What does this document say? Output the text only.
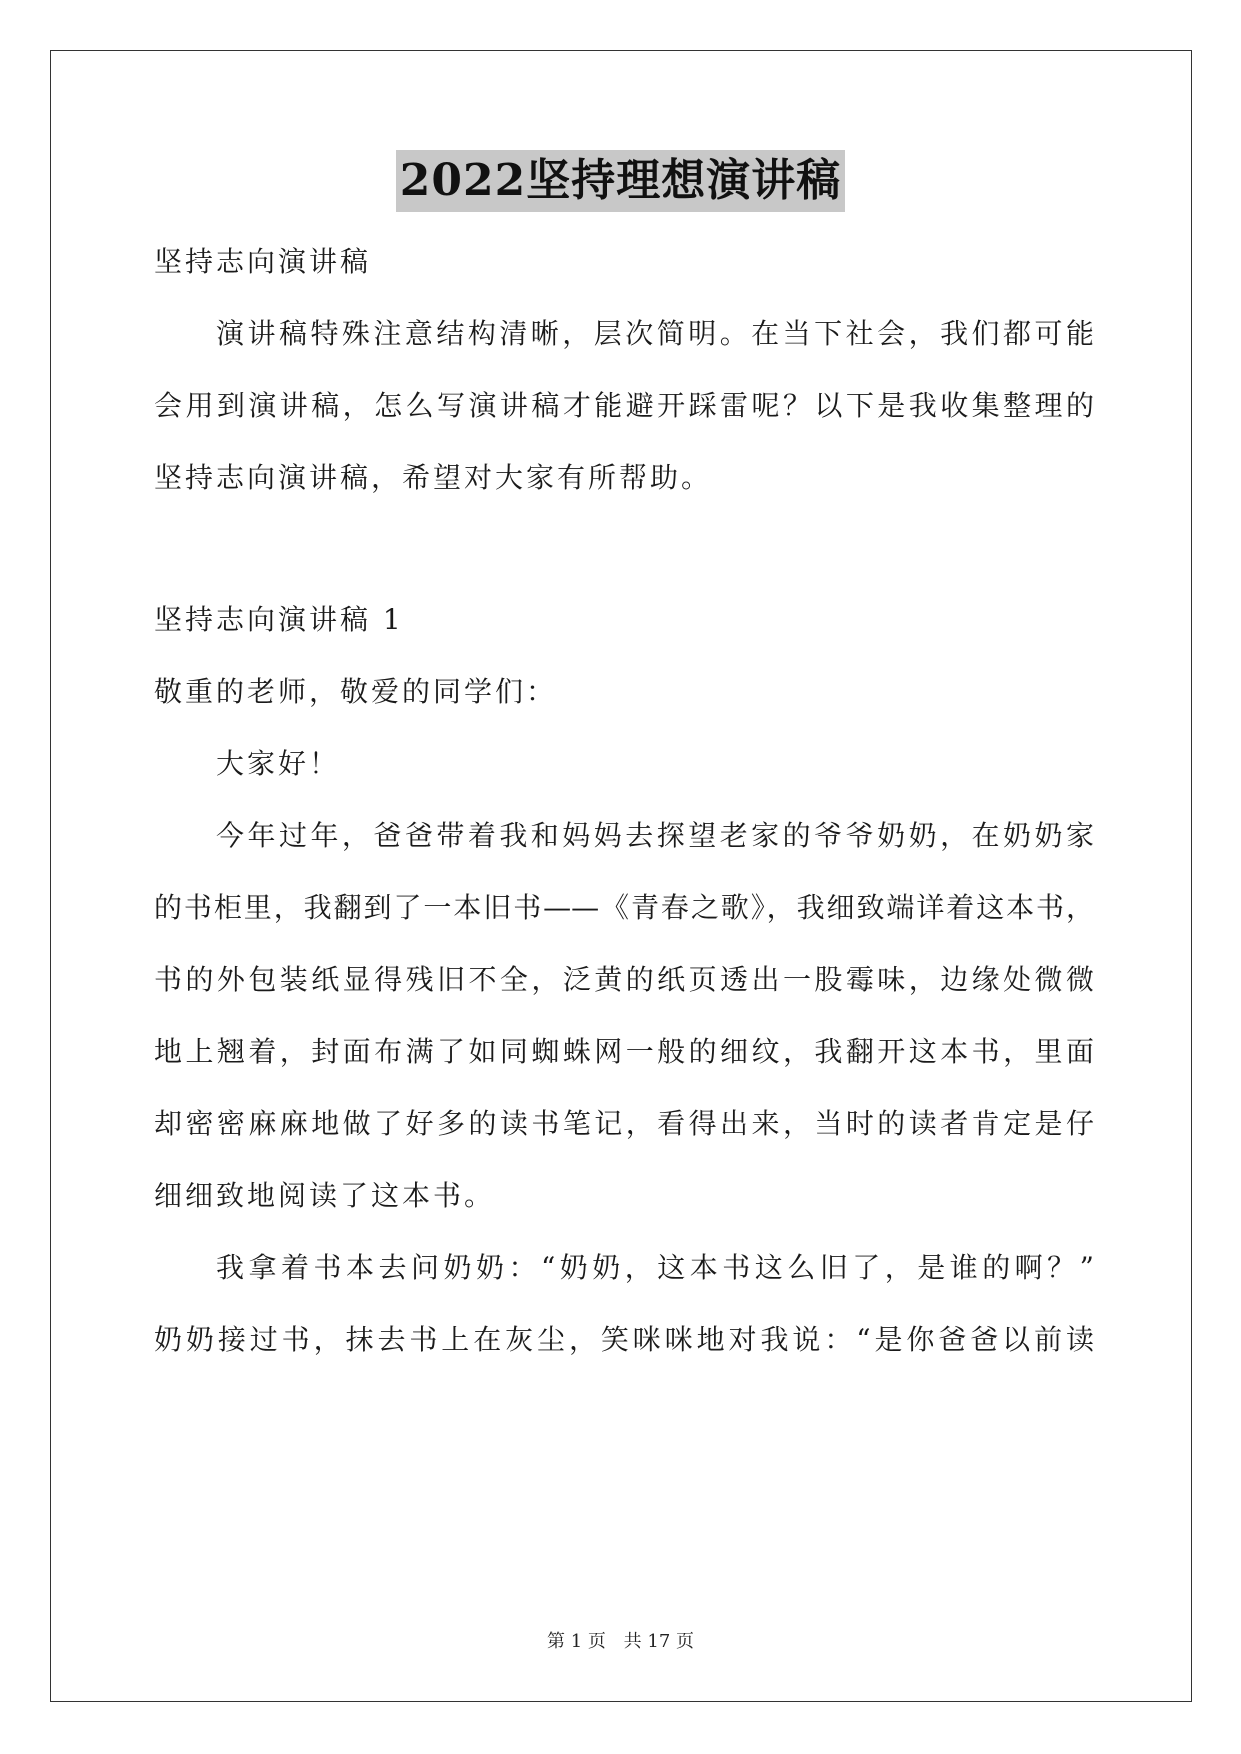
2022坚持理想演讲稿
坚持志向演讲稿
演讲稿特殊注意结构清晰，层次简明。在当下社会，我们都可能
会用到演讲稿，怎么写演讲稿才能避开踩雷呢？以下是我收集整理的
坚持志向演讲稿，希望对大家有所帮助。
坚持志向演讲稿 1
敬重的老师，敬爱的同学们：
大家好！
今年过年，爸爸带着我和妈妈去探望老家的爷爷奶奶，在奶奶家
的书柜里，我翻到了一本旧书——《青春之歌》，我细致端详着这本书，
书的外包装纸显得残旧不全，泛黄的纸页透出一股霉味，边缘处微微
地上翘着，封面布满了如同蜘蛛网一般的细纹，我翻开这本书，里面
却密密麻麻地做了好多的读书笔记，看得出来，当时的读者肯定是仔
细细致地阅读了这本书。
我拿着书本去问奶奶：“奶奶，这本书这么旧了，是谁的啊？”
奶奶接过书，抹去书上在灰尘，笑咪咪地对我说：“是你爸爸以前读
第 1 页 共 17 页
